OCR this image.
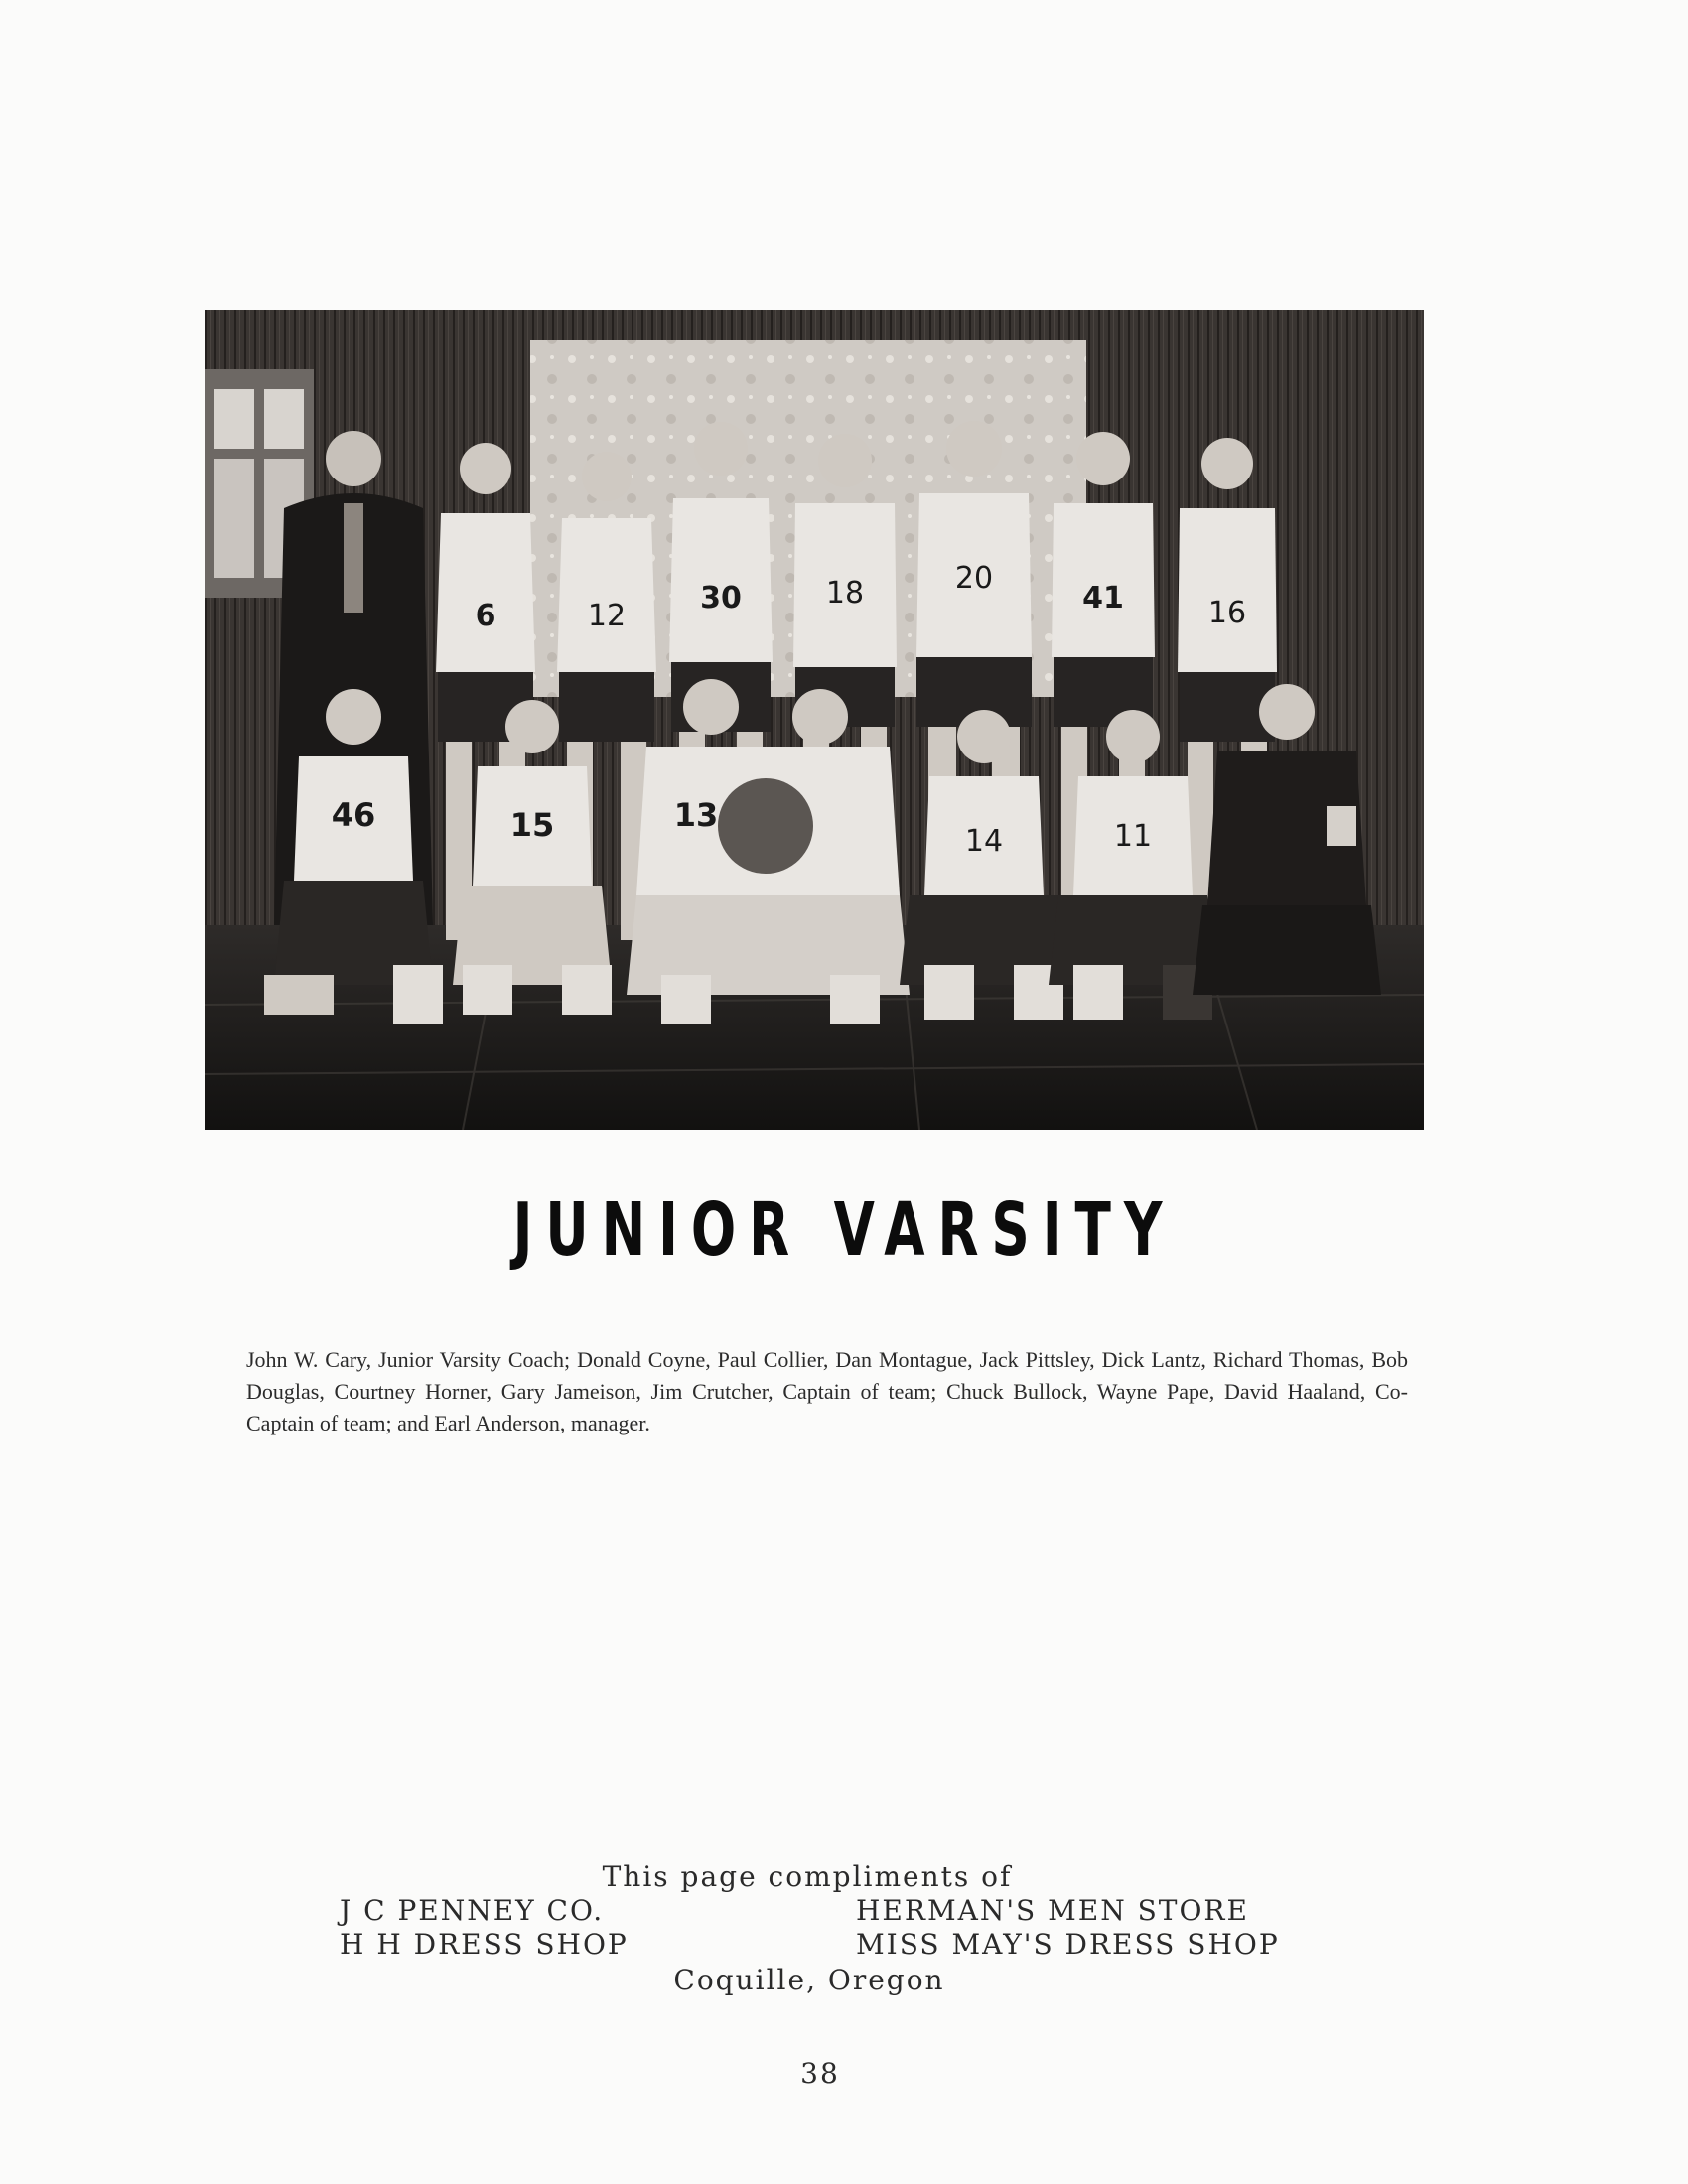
6	12
30	18	20
41	16
46	15	13
14	11
JUNIOR VARSITY
John W. Cary, Junior Varsity Coach; Donald Coyne, Paul Collier, Dan Montague, Jack Pittsley, Dick Lantz, Richard Thomas, Bob Douglas, Courtney Horner, Gary Jameison, Jim Crutcher, Captain of team; Chuck Bullock, Wayne Pape, David Haaland, Co-Captain of team; and Earl Anderson, manager.
This page compliments of
J C PENNEY CO.
H H DRESS SHOP
HERMAN'S MEN STORE
MISS MAY'S DRESS SHOP
Coquille, Oregon
38
